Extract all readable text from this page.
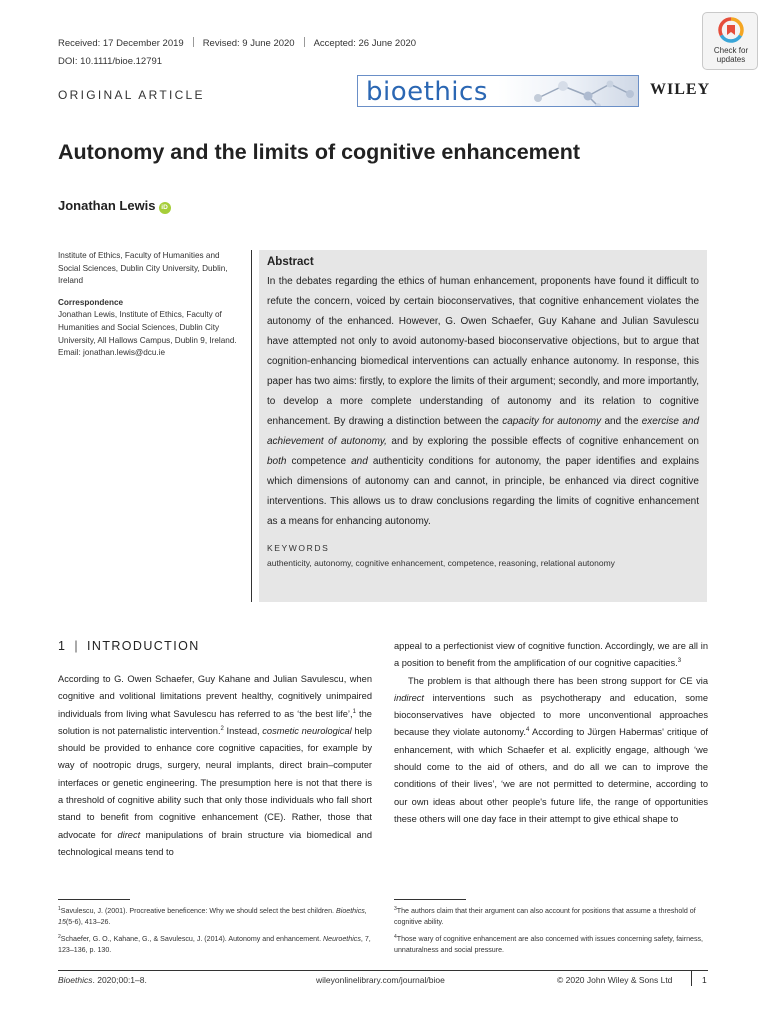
Received: 17 December 2019 Revised: 9 June 2020 Accepted: 26 June 2020
DOI: 10.1111/bioe.12791
ORIGINAL ARTICLE	bioethics	WILEY
Check for
updates
Autonomy and the limits of cognitive enhancement
Jonathan Lewis iD
Institute of Ethics, Faculty of Humanities and Social Sciences, Dublin City University, Dublin, Ireland
Correspondence
Jonathan Lewis, Institute of Ethics, Faculty of Humanities and Social Sciences, Dublin City University, All Hallows Campus, Dublin 9, Ireland.
Email: jonathan.lewis@dcu.ie
Abstract
In the debates regarding the ethics of human enhancement, proponents have found it difficult to refute the concern, voiced by certain bioconservatives, that cognitive enhancement violates the autonomy of the enhanced. However, G. Owen Schaefer, Guy Kahane and Julian Savulescu have attempted not only to avoid autonomy-based bioconservative objections, but to argue that cognition-enhancing biomedical interventions can actually enhance autonomy. In response, this paper has two aims: firstly, to explore the limits of their argument; secondly, and more importantly, to develop a more complete understanding of autonomy and its relation to cognitive enhancement. By drawing a distinction between the capacity for autonomy and the exercise and achievement of autonomy, and by exploring the possible effects of cognitive enhancement on both competence and authenticity conditions for autonomy, the paper identifies and explains which dimensions of autonomy can and cannot, in principle, be enhanced via direct cognitive interventions. This allows us to draw conclusions regarding the limits of cognitive enhancement as a means for enhancing autonomy.
KEYWORDS
authenticity, autonomy, cognitive enhancement, competence, reasoning, relational autonomy
1 | INTRODUCTION
According to G. Owen Schaefer, Guy Kahane and Julian Savulescu, when cognitive and volitional limitations prevent healthy, cognitively unimpaired individuals from living what Savulescu has referred to as ‘the best life’,$^1$ the solution is not paternalistic intervention.$^2$ Instead, cosmetic neurological help should be provided to enhance core cognitive capacities, for example by way of nootropic drugs, surgery, neural implants, direct brain–computer interfaces or genetic engineering. The presumption here is not that there is a threshold of cognitive ability such that only those individuals who fall short stand to benefit from cognitive enhancement (CE). Rather, those that advocate for direct manipulations of brain structure via biomedical and technological means tend to
appeal to a perfectionist view of cognitive function. Accordingly, we are all in a position to benefit from the amplification of our cognitive capacities.$^3$
The problem is that although there has been strong support for CE via indirect interventions such as psychotherapy and education, some bioconservatives have objected to more unconventional approaches because they violate autonomy.$^4$ According to Jürgen Habermas' critique of enhancement, with which Schaefer et al. explicitly engage, although ‘we should come to the aid of others, and do all we can to improve the conditions of their lives’, ‘we are not permitted to determine, according to our own ideas about other people's future life, the range of opportunities these others will one day face in their attempt to give ethical shape to
$^1$Savulescu, J. (2001). Procreative beneficence: Why we should select the best children. Bioethics, 15(5-6), 413–26.
$^2$Schaefer, G. O., Kahane, G., & Savulescu, J. (2014). Autonomy and enhancement. Neuroethics, 7, 123–136, p. 130.
$^3$The authors claim that their argument can also account for positions that assume a threshold of cognitive ability.
$^4$Those wary of cognitive enhancement are also concerned with issues concerning safety, fairness, unnaturalness and social pressure.
Bioethics. 2020;00:1–8.	wileyonlinelibrary.com/journal/bioe	© 2020 John Wiley & Sons Ltd	1
